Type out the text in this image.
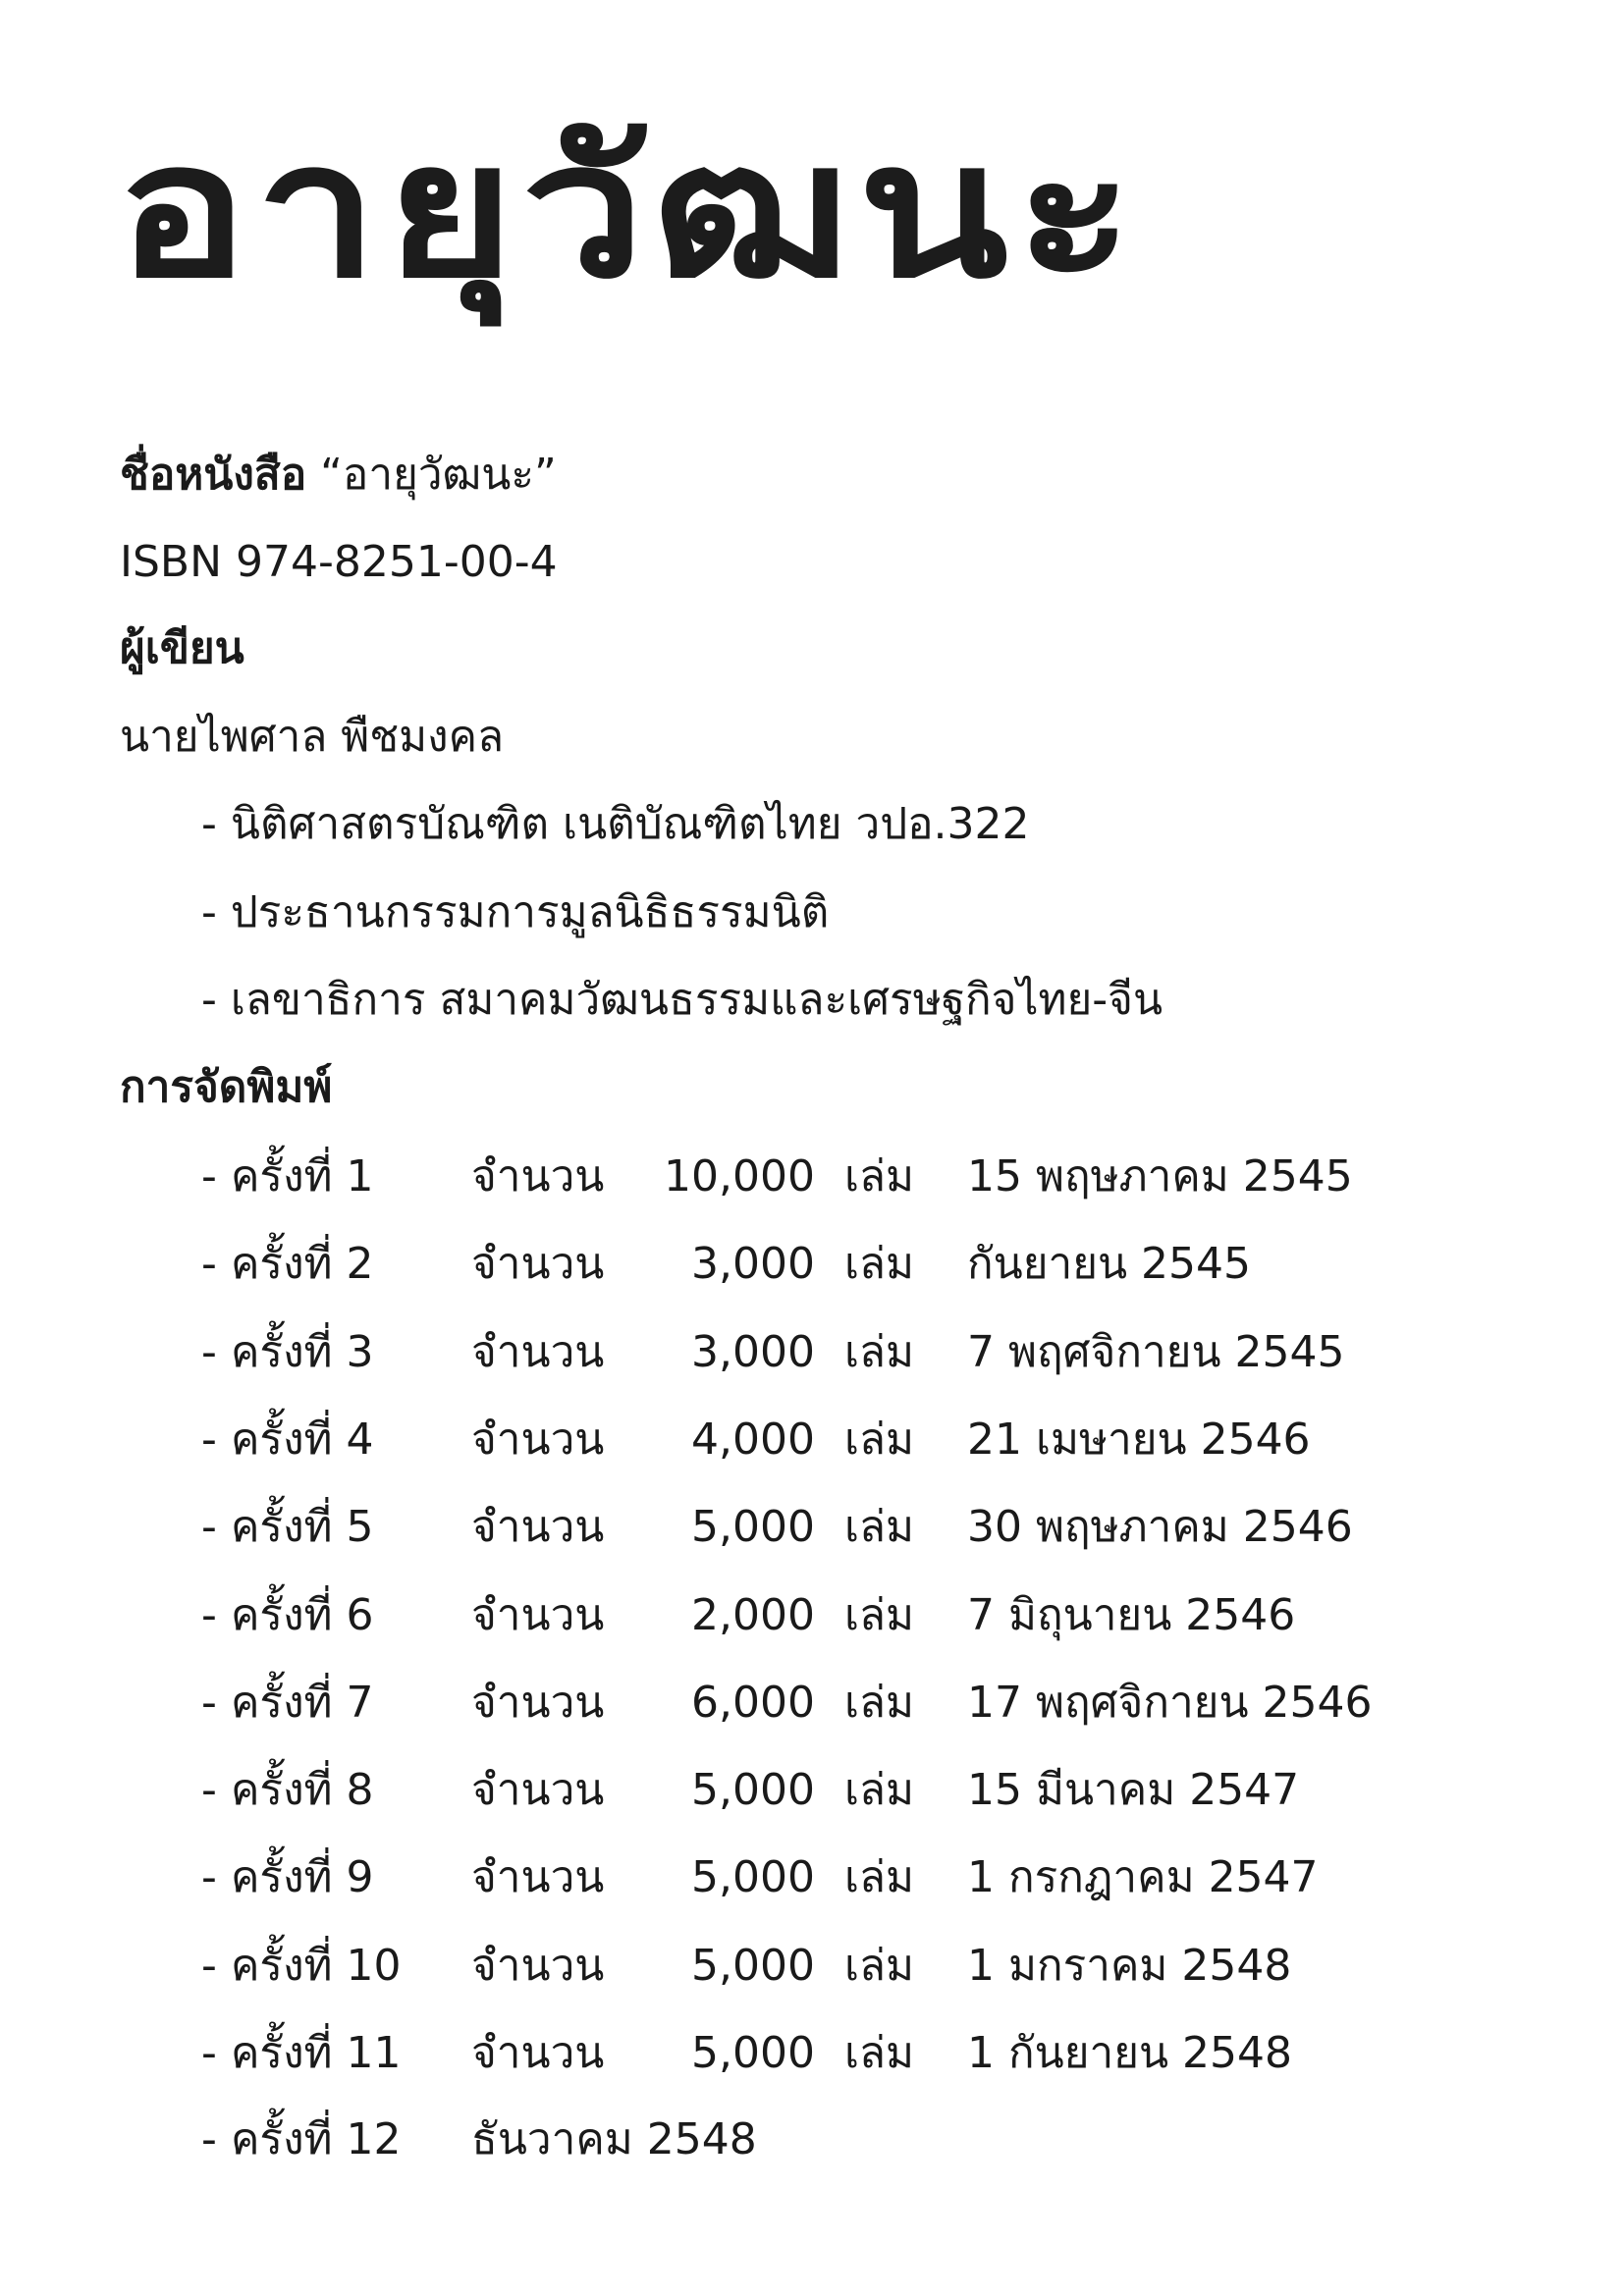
อายุวัฒนะ
ชื่อหนังสือ “อายุวัฒนะ”
ISBN 974-8251-00-4
ผู้เขียน
นายไพศาล พืชมงคล
- นิติศาสตรบัณฑิต เนติบัณฑิตไทย วปอ.322
- ประธานกรรมการมูลนิธิธรรมนิติ
- เลขาธิการ สมาคมวัฒนธรรมและเศรษฐกิจไทย-จีน
การจัดพิมพ์
- ครั้งที่ 1 จำนวน	10,000 เล่ม 15 พฤษภาคม 2545
- ครั้งที่ 2 จำนวน	3,000 เล่ม กันยายน 2545
- ครั้งที่ 3 จำนวน	3,000 เล่ม 7 พฤศจิกายน 2545
- ครั้งที่ 4 จำนวน	4,000 เล่ม 21 เมษายน 2546
- ครั้งที่ 5 จำนวน	5,000 เล่ม 30 พฤษภาคม 2546
- ครั้งที่ 6 จำนวน	2,000 เล่ม 7 มิถุนายน 2546
- ครั้งที่ 7 จำนวน	6,000 เล่ม 17 พฤศจิกายน 2546
- ครั้งที่ 8 จำนวน	5,000 เล่ม 15 มีนาคม 2547
- ครั้งที่ 9 จำนวน	5,000 เล่ม 1 กรกฎาคม 2547
- ครั้งที่ 10 จำนวน	5,000 เล่ม 1 มกราคม 2548
- ครั้งที่ 11 จำนวน	5,000 เล่ม 1 กันยายน 2548
- ครั้งที่ 12 ธันวาคม 2548
